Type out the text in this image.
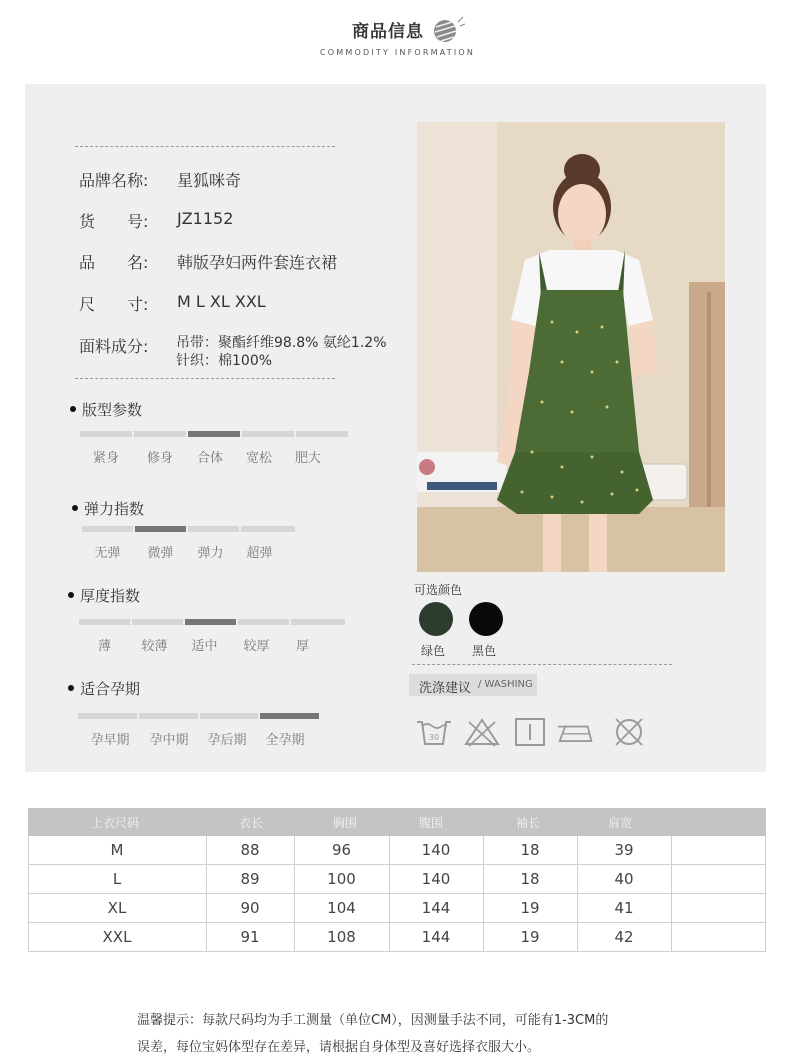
商品信息
COMMODITY INFORMATION
品牌名称:	星狐咪奇
货　　号:	JZ1152
品　　名:	韩版孕妇两件套连衣裙
尺　　寸:	M L XL XXL
面料成分:	吊带：聚酯纤维98.8% 氨纶1.2%
针织：棉100%
版型参数
紧身	修身	合体	宽松	肥大
弹力指数
无弹	微弹	弹力	超弹
厚度指数
薄	较薄	适中	较厚	厚
适合孕期
孕早期	孕中期	孕后期	全孕期
可选颜色
绿色 黑色
洗涤建议 / WASHING
30
上衣尺码	衣长	胸围	腹围	袖长	肩宽
M	88	96	140	18	39
L	89	100	140	18	40
XL	90	104	144	19	41
XXL	91	108	144	19	42
温馨提示：每款尺码均为手工测量（单位CM），因测量手法不同，可能有1-3CM的
误差，每位宝妈体型存在差异，请根据自身体型及喜好选择衣服大小。
